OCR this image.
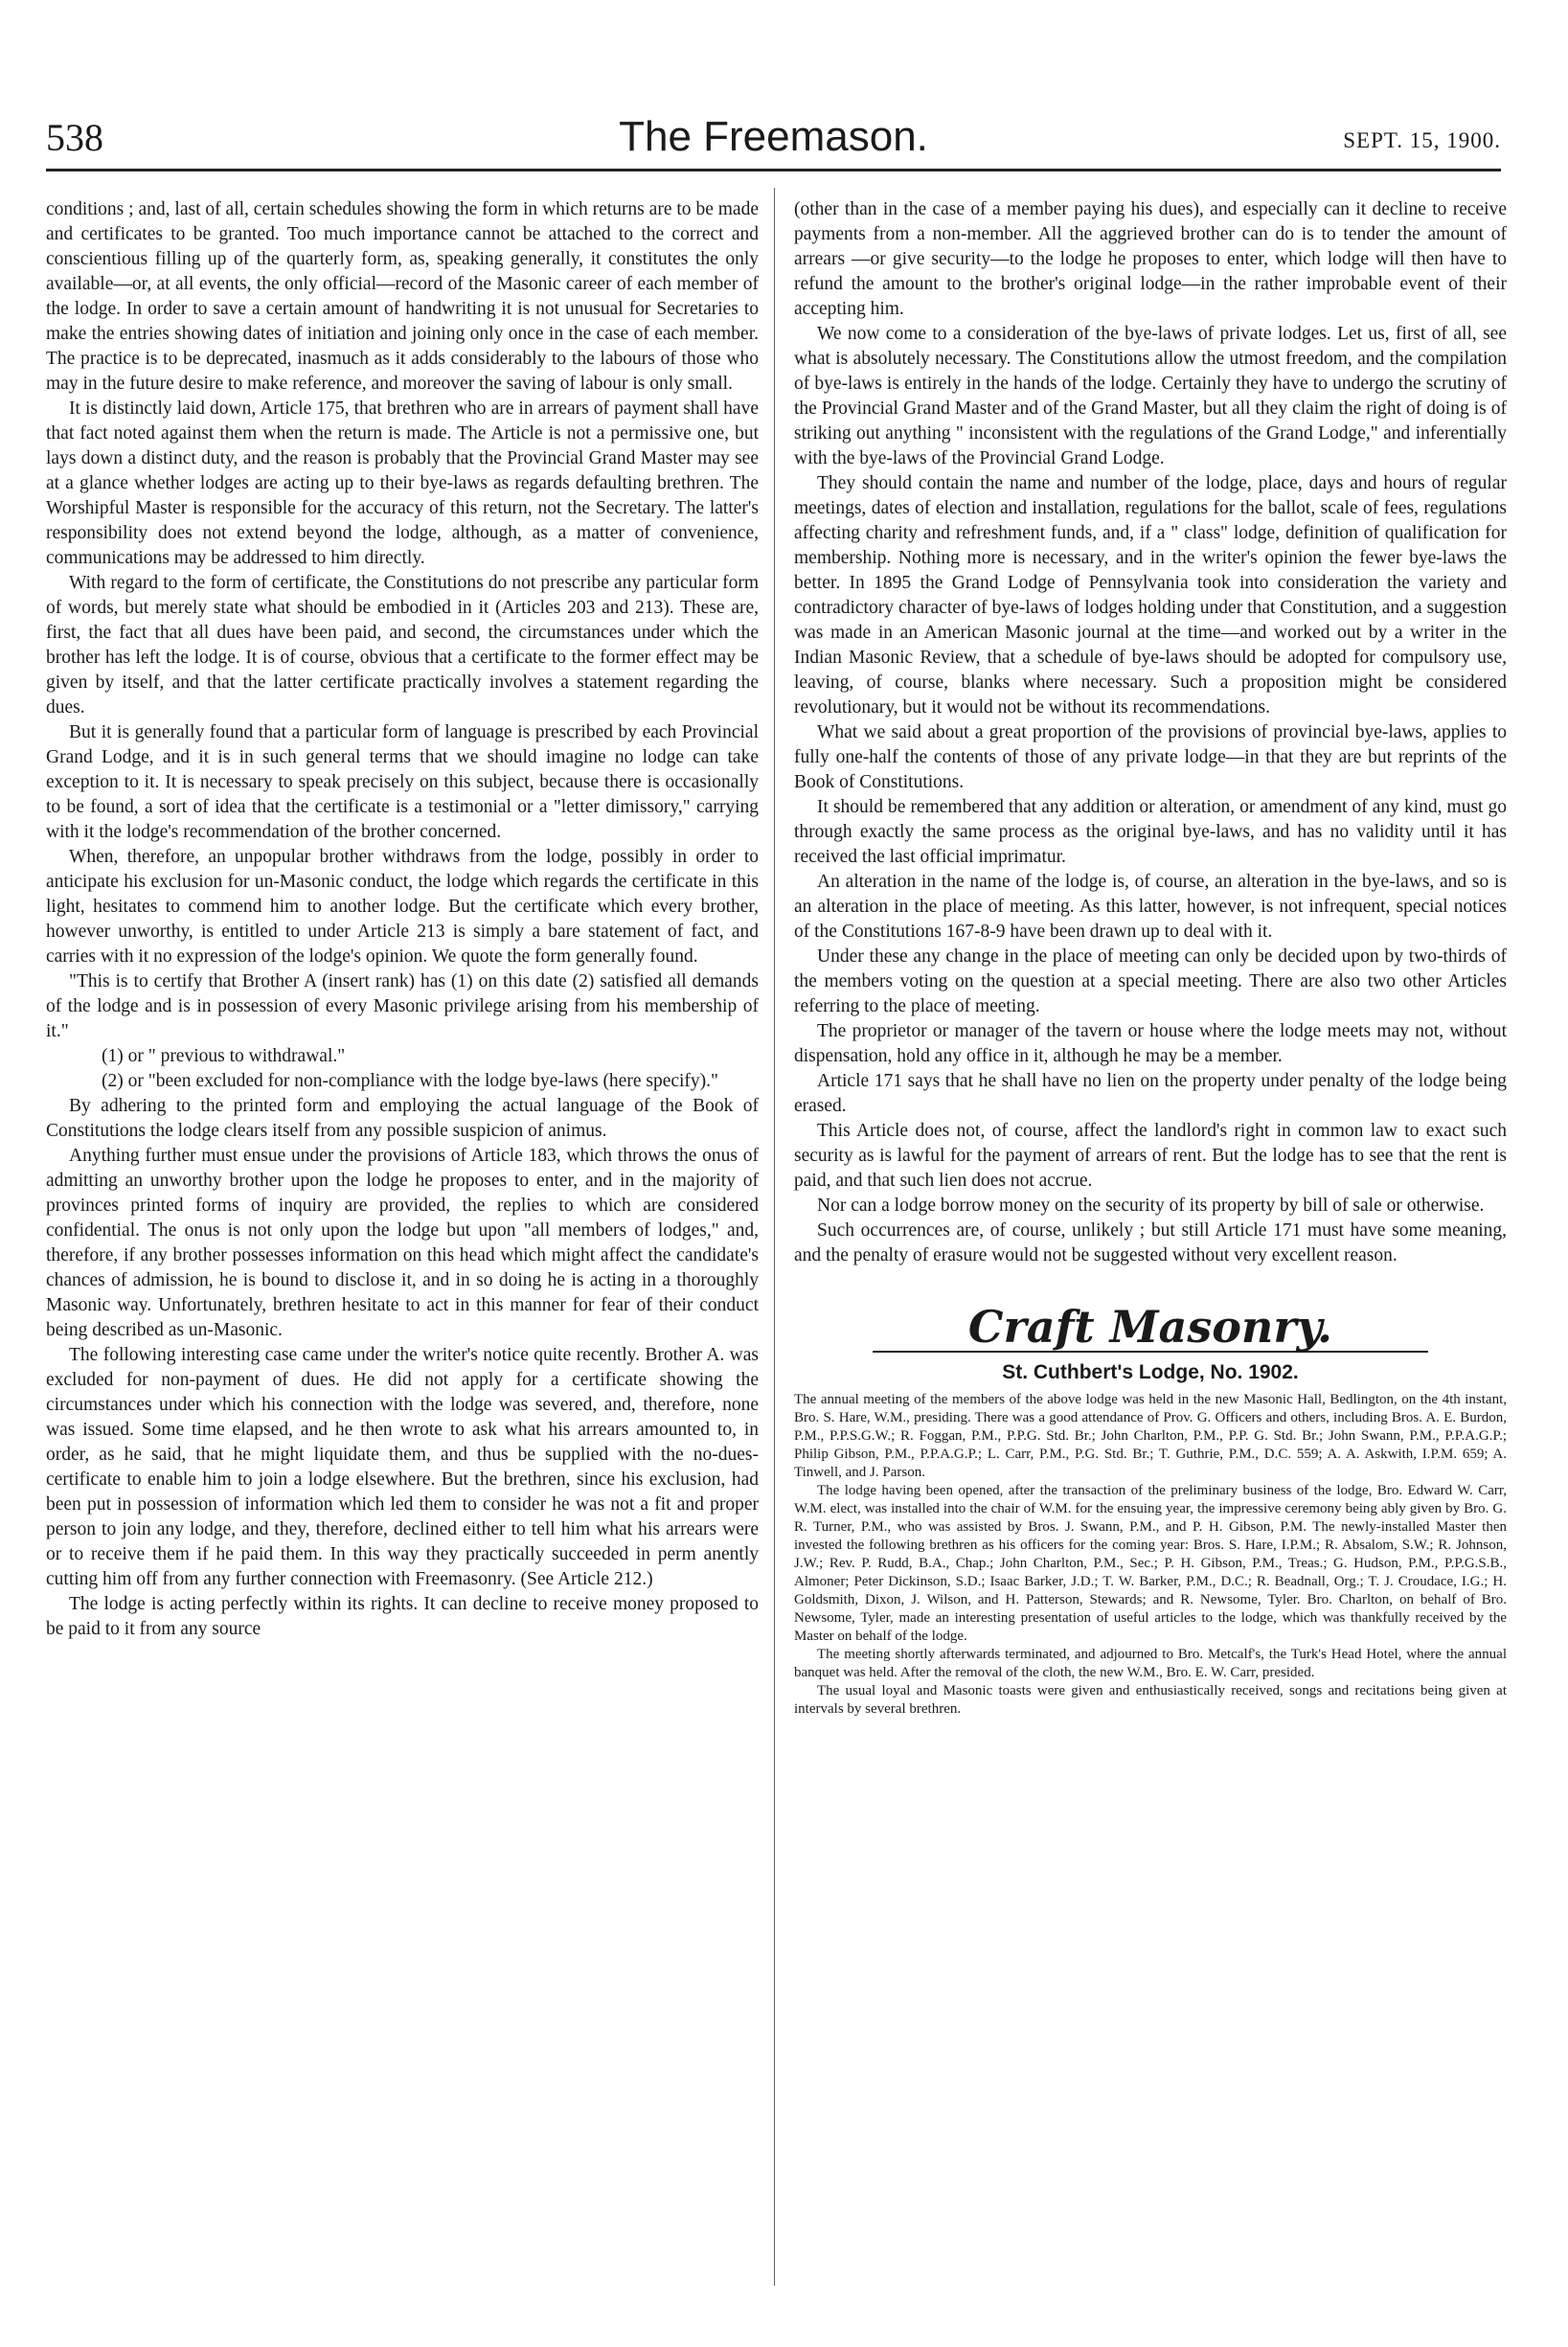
538	The Freemason.	SEPT. 15, 1900.

conditions ; and, last of all, certain schedules showing the form in which returns are to be made and certificates to be granted. Too much importance cannot be attached to the correct and conscientious filling up of the quarterly form, as, speaking generally, it constitutes the only available—or, at all events, the only official—record of the Masonic career of each member of the lodge. In order to save a certain amount of handwriting it is not unusual for Secretaries to make the entries showing dates of initiation and joining only once in the case of each member. The practice is to be deprecated, inasmuch as it adds considerably to the labours of those who may in the future desire to make reference, and moreover the saving of labour is only small.

It is distinctly laid down, Article 175, that brethren who are in arrears of payment shall have that fact noted against them when the return is made. The Article is not a permissive one, but lays down a distinct duty, and the reason is probably that the Provincial Grand Master may see at a glance whether lodges are acting up to their bye-laws as regards defaulting brethren. The Worshipful Master is responsible for the accuracy of this return, not the Secretary. The latter's responsibility does not extend beyond the lodge, although, as a matter of convenience, communications may be addressed to him directly.

With regard to the form of certificate, the Constitutions do not prescribe any particular form of words, but merely state what should be embodied in it (Articles 203 and 213). These are, first, the fact that all dues have been paid, and second, the circumstances under which the brother has left the lodge. It is of course, obvious that a certificate to the former effect may be given by itself, and that the latter certificate practically involves a statement regarding the dues.

But it is generally found that a particular form of language is prescribed by each Provincial Grand Lodge, and it is in such general terms that we should imagine no lodge can take exception to it. It is necessary to speak precisely on this subject, because there is occasionally to be found, a sort of idea that the certificate is a testimonial or a "letter dimissory," carrying with it the lodge's recommendation of the brother concerned.

When, therefore, an unpopular brother withdraws from the lodge, possibly in order to anticipate his exclusion for un-Masonic conduct, the lodge which regards the certificate in this light, hesitates to commend him to another lodge. But the certificate which every brother, however unworthy, is entitled to under Article 213 is simply a bare statement of fact, and carries with it no expression of the lodge's opinion. We quote the form generally found.

"This is to certify that Brother A (insert rank) has (1) on this date (2) satisfied all demands of the lodge and is in possession of every Masonic privilege arising from his membership of it."

(1) or " previous to withdrawal."

(2) or "been excluded for non-compliance with the lodge bye-laws (here specify)."

By adhering to the printed form and employing the actual language of the Book of Constitutions the lodge clears itself from any possible suspicion of animus.

Anything further must ensue under the provisions of Article 183, which throws the onus of admitting an unworthy brother upon the lodge he proposes to enter, and in the majority of provinces printed forms of inquiry are provided, the replies to which are considered confidential. The onus is not only upon the lodge but upon "all members of lodges," and, therefore, if any brother possesses information on this head which might affect the candidate's chances of admission, he is bound to disclose it, and in so doing he is acting in a thoroughly Masonic way. Unfortunately, brethren hesitate to act in this manner for fear of their conduct being described as un-Masonic.

The following interesting case came under the writer's notice quite recently. Brother A. was excluded for non-payment of dues. He did not apply for a certificate showing the circumstances under which his connection with the lodge was severed, and, therefore, none was issued. Some time elapsed, and he then wrote to ask what his arrears amounted to, in order, as he said, that he might liquidate them, and thus be supplied with the no-dues-certificate to enable him to join a lodge elsewhere. But the brethren, since his exclusion, had been put in possession of information which led them to consider he was not a fit and proper person to join any lodge, and they, therefore, declined either to tell him what his arrears were or to receive them if he paid them. In this way they practically succeeded in perm anently cutting him off from any further connection with Freemasonry. (See Article 212.)

The lodge is acting perfectly within its rights. It can decline to receive money proposed to be paid to it from any source

(other than in the case of a member paying his dues), and especially can it decline to receive payments from a non-member. All the aggrieved brother can do is to tender the amount of arrears —or give security—to the lodge he proposes to enter, which lodge will then have to refund the amount to the brother's original lodge—in the rather improbable event of their accepting him.

We now come to a consideration of the bye-laws of private lodges. Let us, first of all, see what is absolutely necessary. The Constitutions allow the utmost freedom, and the compilation of bye-laws is entirely in the hands of the lodge. Certainly they have to undergo the scrutiny of the Provincial Grand Master and of the Grand Master, but all they claim the right of doing is of striking out anything " inconsistent with the regulations of the Grand Lodge," and inferentially with the bye-laws of the Provincial Grand Lodge.

They should contain the name and number of the lodge, place, days and hours of regular meetings, dates of election and installation, regulations for the ballot, scale of fees, regulations affecting charity and refreshment funds, and, if a " class" lodge, definition of qualification for membership. Nothing more is necessary, and in the writer's opinion the fewer bye-laws the better. In 1895 the Grand Lodge of Pennsylvania took into consideration the variety and contradictory character of bye-laws of lodges holding under that Constitution, and a suggestion was made in an American Masonic journal at the time—and worked out by a writer in the Indian Masonic Review, that a schedule of bye-laws should be adopted for compulsory use, leaving, of course, blanks where necessary. Such a proposition might be considered revolutionary, but it would not be without its recommendations.

What we said about a great proportion of the provisions of provincial bye-laws, applies to fully one-half the contents of those of any private lodge—in that they are but reprints of the Book of Constitutions.

It should be remembered that any addition or alteration, or amendment of any kind, must go through exactly the same process as the original bye-laws, and has no validity until it has received the last official imprimatur.

An alteration in the name of the lodge is, of course, an alteration in the bye-laws, and so is an alteration in the place of meeting. As this latter, however, is not infrequent, special notices of the Constitutions 167-8-9 have been drawn up to deal with it.

Under these any change in the place of meeting can only be decided upon by two-thirds of the members voting on the question at a special meeting. There are also two other Articles referring to the place of meeting.

The proprietor or manager of the tavern or house where the lodge meets may not, without dispensation, hold any office in it, although he may be a member.

Article 171 says that he shall have no lien on the property under penalty of the lodge being erased.

This Article does not, of course, affect the landlord's right in common law to exact such security as is lawful for the payment of arrears of rent. But the lodge has to see that the rent is paid, and that such lien does not accrue.

Nor can a lodge borrow money on the security of its property by bill of sale or otherwise.

Such occurrences are, of course, unlikely ; but still Article 171 must have some meaning, and the penalty of erasure would not be suggested without very excellent reason.

Craft Masonry.
St. Cuthbert's Lodge, No. 1902.

The annual meeting of the members of the above lodge was held in the new Masonic Hall, Bedlington, on the 4th instant, Bro. S. Hare, W.M., presiding. There was a good attendance of Prov. G. Officers and others, including Bros. A. E. Burdon, P.M., P.P.S.G.W.; R. Foggan, P.M., P.P.G. Std. Br.; John Charlton, P.M., P.P. G. Std. Br.; John Swann, P.M., P.P.A.G.P.; Philip Gibson, P.M., P.P.A.G.P.; L. Carr, P.M., P.G. Std. Br.; T. Guthrie, P.M., D.C. 559; A. A. Askwith, I.P.M. 659; A. Tinwell, and J. Parson.

The lodge having been opened, after the transaction of the preliminary business of the lodge, Bro. Edward W. Carr, W.M. elect, was installed into the chair of W.M. for the ensuing year, the impressive ceremony being ably given by Bro. G. R. Turner, P.M., who was assisted by Bros. J. Swann, P.M., and P. H. Gibson, P.M. The newly-installed Master then invested the following brethren as his officers for the coming year: Bros. S. Hare, I.P.M.; R. Absalom, S.W.; R. Johnson, J.W.; Rev. P. Rudd, B.A., Chap.; John Charlton, P.M., Sec.; P. H. Gibson, P.M., Treas.; G. Hudson, P.M., P.P.G.S.B., Almoner; Peter Dickinson, S.D.; Isaac Barker, J.D.; T. W. Barker, P.M., D.C.; R. Beadnall, Org.; T. J. Croudace, I.G.; H. Goldsmith, Dixon, J. Wilson, and H. Patterson, Stewards; and R. Newsome, Tyler. Bro. Charlton, on behalf of Bro. Newsome, Tyler, made an interesting presentation of useful articles to the lodge, which was thankfully received by the Master on behalf of the lodge.

The meeting shortly afterwards terminated, and adjourned to Bro. Metcalf's, the Turk's Head Hotel, where the annual banquet was held. After the removal of the cloth, the new W.M., Bro. E. W. Carr, presided.

The usual loyal and Masonic toasts were given and enthusiastically received, songs and recitations being given at intervals by several brethren.
